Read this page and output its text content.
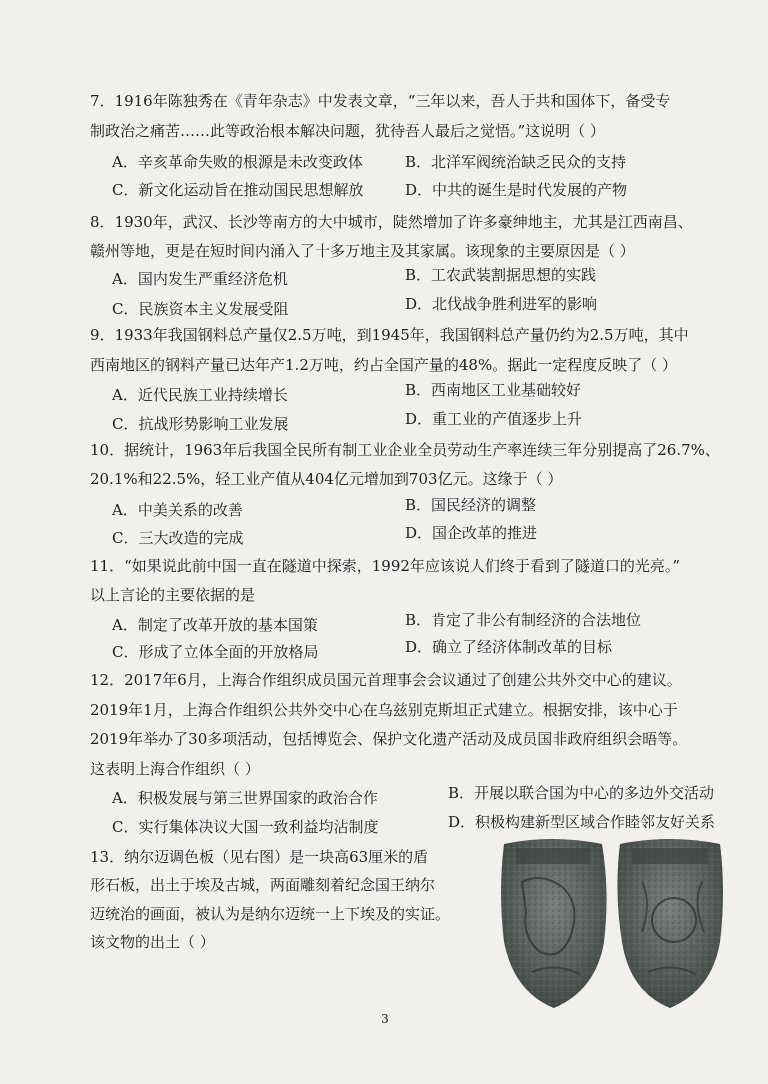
7．1916年陈独秀在《青年杂志》中发表文章，“三年以来，吾人于共和国体下，备受专
制政治之痛苦……此等政治根本解决问题，犹待吾人最后之觉悟。”这说明（ ）
A．辛亥革命失败的根源是未改变政体	B．北洋军阀统治缺乏民众的支持
C．新文化运动旨在推动国民思想解放	D．中共的诞生是时代发展的产物
8．1930年，武汉、长沙等南方的大中城市，陡然增加了许多豪绅地主，尤其是江西南昌、
赣州等地，更是在短时间内涌入了十多万地主及其家属。该现象的主要原因是（ ）
A．国内发生严重经济危机	B．工农武装割据思想的实践
C．民族资本主义发展受阻	D．北伐战争胜利进军的影响
9．1933年我国钢料总产量仅2.5万吨，到1945年，我国钢料总产量仍约为2.5万吨，其中
西南地区的钢料产量已达年产1.2万吨，约占全国产量的48%。据此一定程度反映了（ ）
A．近代民族工业持续增长	B．西南地区工业基础较好
C．抗战形势影响工业发展	D．重工业的产值逐步上升
10．据统计，1963年后我国全民所有制工业企业全员劳动生产率连续三年分别提高了26.7%、
20.1%和22.5%，轻工业产值从404亿元增加到703亿元。这缘于（ ）
A．中美关系的改善	B．国民经济的调整
C．三大改造的完成	D．国企改革的推进
11．“如果说此前中国一直在隧道中探索，1992年应该说人们终于看到了隧道口的光亮。”
以上言论的主要依据的是
A．制定了改革开放的基本国策	B．肯定了非公有制经济的合法地位
C．形成了立体全面的开放格局	D．确立了经济体制改革的目标
12．2017年6月，上海合作组织成员国元首理事会会议通过了创建公共外交中心的建议。
2019年1月，上海合作组织公共外交中心在乌兹别克斯坦正式建立。根据安排，该中心于
2019年举办了30多项活动，包括博览会、保护文化遗产活动及成员国非政府组织会晤等。
这表明上海合作组织（ ）
A．积极发展与第三世界国家的政治合作	B．开展以联合国为中心的多边外交活动
C．实行集体决议大国一致利益均沾制度	D．积极构建新型区域合作睦邻友好关系
13．纳尔迈调色板（见右图）是一块高63厘米的盾
形石板，出土于埃及古城，两面雕刻着纪念国王纳尔
迈统治的画面，被认为是纳尔迈统一上下埃及的实证。
该文物的出土（ ）
3
